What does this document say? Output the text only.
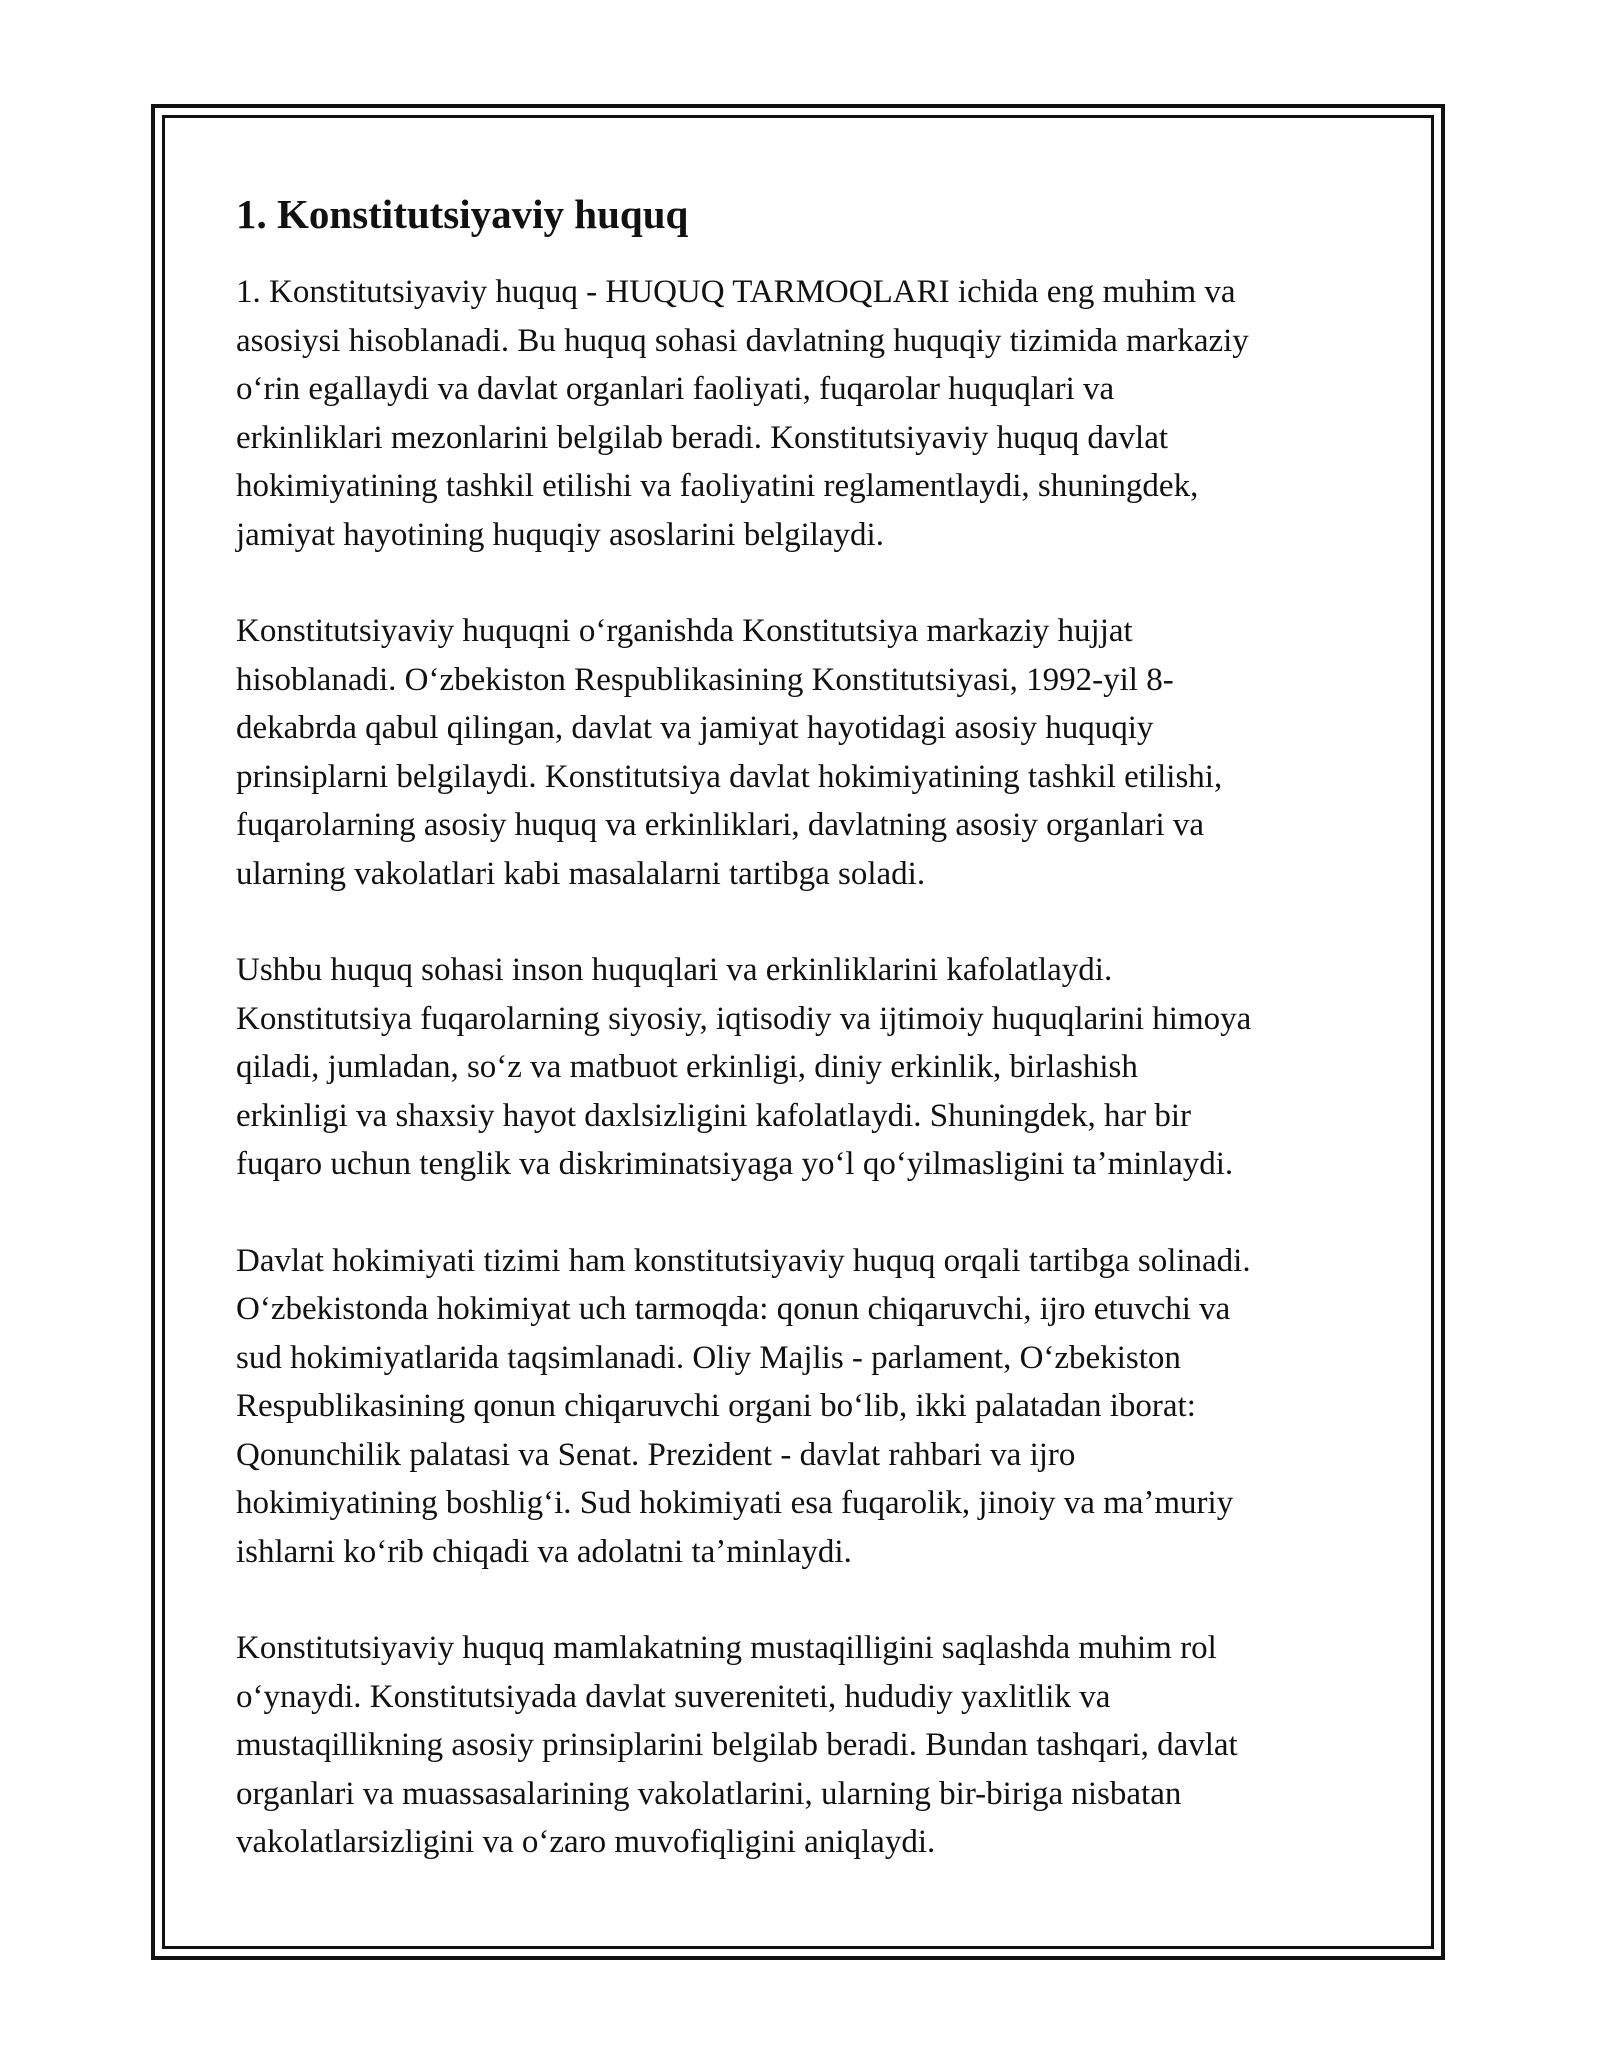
1. Konstitutsiyaviy huquq
1. Konstitutsiyaviy huquq - HUQUQ TARMOQLARI ichida eng muhim va
asosiysi hisoblanadi. Bu huquq sohasi davlatning huquqiy tizimida markaziy
oʻrin egallaydi va davlat organlari faoliyati, fuqarolar huquqlari va
erkinliklari mezonlarini belgilab beradi. Konstitutsiyaviy huquq davlat
hokimiyatining tashkil etilishi va faoliyatini reglamentlaydi, shuningdek,
jamiyat hayotining huquqiy asoslarini belgilaydi.
Konstitutsiyaviy huquqni oʻrganishda Konstitutsiya markaziy hujjat
hisoblanadi. Oʻzbekiston Respublikasining Konstitutsiyasi, 1992-yil 8-
dekabrda qabul qilingan, davlat va jamiyat hayotidagi asosiy huquqiy
prinsiplarni belgilaydi. Konstitutsiya davlat hokimiyatining tashkil etilishi,
fuqarolarning asosiy huquq va erkinliklari, davlatning asosiy organlari va
ularning vakolatlari kabi masalalarni tartibga soladi.
Ushbu huquq sohasi inson huquqlari va erkinliklarini kafolatlaydi.
Konstitutsiya fuqarolarning siyosiy, iqtisodiy va ijtimoiy huquqlarini himoya
qiladi, jumladan, soʻz va matbuot erkinligi, diniy erkinlik, birlashish
erkinligi va shaxsiy hayot daxlsizligini kafolatlaydi. Shuningdek, har bir
fuqaro uchun tenglik va diskriminatsiyaga yoʻl qoʻyilmasligini taʼminlaydi.
Davlat hokimiyati tizimi ham konstitutsiyaviy huquq orqali tartibga solinadi.
Oʻzbekistonda hokimiyat uch tarmoqda: qonun chiqaruvchi, ijro etuvchi va
sud hokimiyatlarida taqsimlanadi. Oliy Majlis - parlament, Oʻzbekiston
Respublikasining qonun chiqaruvchi organi boʻlib, ikki palatadan iborat:
Qonunchilik palatasi va Senat. Prezident - davlat rahbari va ijro
hokimiyatining boshligʻi. Sud hokimiyati esa fuqarolik, jinoiy va maʼmuriy
ishlarni koʻrib chiqadi va adolatni taʼminlaydi.
Konstitutsiyaviy huquq mamlakatning mustaqilligini saqlashda muhim rol
oʻynaydi. Konstitutsiyada davlat suvereniteti, hududiy yaxlitlik va
mustaqillikning asosiy prinsiplarini belgilab beradi. Bundan tashqari, davlat
organlari va muassasalarining vakolatlarini, ularning bir-biriga nisbatan
vakolatlarsizligini va oʻzaro muvofiqligini aniqlaydi.
